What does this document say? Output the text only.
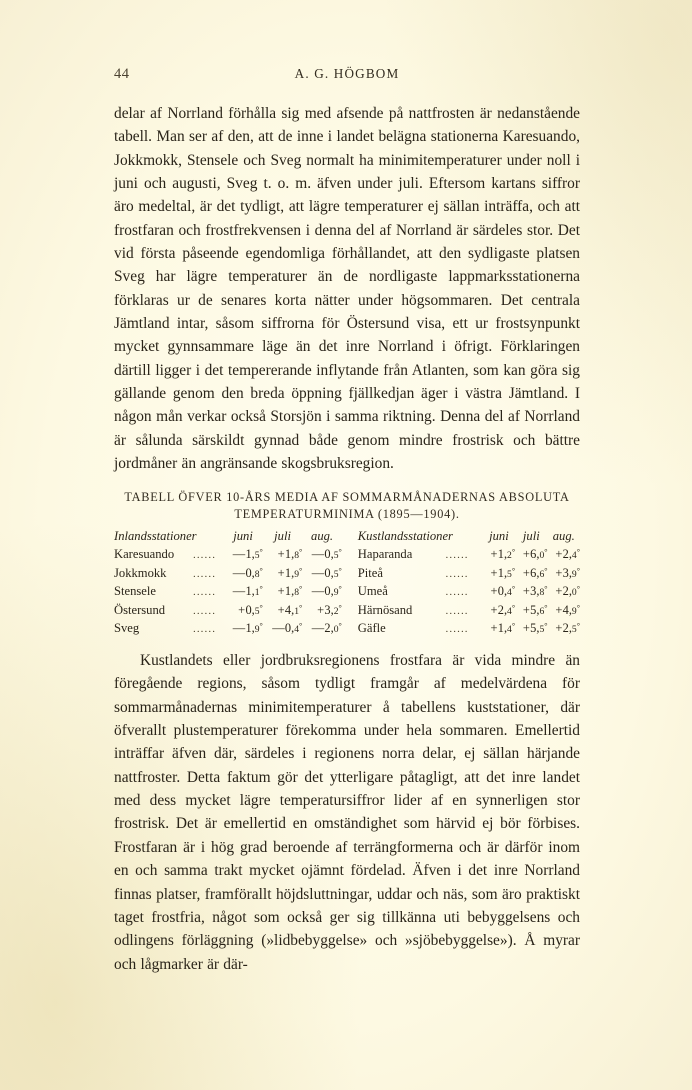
44	A. G. HÖGBOM

delar af Norrland förhålla sig med afsende på nattfrosten är nedanstående tabell. Man ser af den, att de inne i landet belägna stationerna Karesuando, Jokkmokk, Stensele och Sveg normalt ha minimitemperaturer under noll i juni och augusti, Sveg t. o. m. äfven under juli. Eftersom kartans siffror äro medeltal, är det tydligt, att lägre temperaturer ej sällan inträffa, och att frostfaran och frostfrekvensen i denna del af Norrland är särdeles stor. Det vid första påseende egendomliga förhållandet, att den sydligaste platsen Sveg har lägre temperaturer än de nordligaste lappmarksstationerna förklaras ur de senares korta nätter under högsommaren. Det centrala Jämtland intar, såsom siffrorna för Östersund visa, ett ur frostsynpunkt mycket gynnsammare läge än det inre Norrland i öfrigt. Förklaringen därtill ligger i det tempererande inflytande från Atlanten, som kan göra sig gällande genom den breda öppning fjällkedjan äger i västra Jämtland. I någon mån verkar också Storsjön i samma riktning. Denna del af Norrland är sålunda särskildt gynnad både genom mindre frostrisk och bättre jordmåner än angränsande skogsbruksregion.

TABELL ÖFVER 10-ÅRS MEDIA AF SOMMARMÅNADERNAS ABSOLUTA
TEMPERATURMINIMA (1895—1904).
Inlandsstationer		juni	juli	aug.		Kustlandsstationer		juni	juli	aug.
Karesuando	......	—1,5°	+1,8°	—0,5°		Haparanda	......	+1,2°	+6,0°	+2,4°
Jokkmokk	......	—0,8°	+1,9°	—0,5°		Piteå	......	+1,5°	+6,6°	+3,9°
Stensele	......	—1,1°	+1,8°	—0,9°		Umeå	......	+0,4°	+3,8°	+2,0°
Östersund	......	+0,5°	+4,1°	+3,2°		Härnösand	......	+2,4°	+5,6°	+4,9°
Sveg	......	—1,9°	—0,4°	—2,0°		Gäfle	......	+1,4°	+5,5°	+2,5°

Kustlandets eller jordbruksregionens frostfara är vida mindre än föregående regions, såsom tydligt framgår af medelvärdena för sommarmånadernas minimitemperaturer å tabellens kuststationer, där öfverallt plustemperaturer förekomma under hela sommaren. Emellertid inträffar äfven där, särdeles i regionens norra delar, ej sällan härjande nattfroster. Detta faktum gör det ytterligare påtagligt, att det inre landet med dess mycket lägre temperatursiffror lider af en synnerligen stor frostrisk. Det är emellertid en omständighet som härvid ej bör förbises. Frostfaran är i hög grad beroende af terrängformerna och är därför inom en och samma trakt mycket ojämnt fördelad. Äfven i det inre Norrland finnas platser, framförallt höjdsluttningar, uddar och näs, som äro praktiskt taget frostfria, något som också ger sig tillkänna uti bebyggelsens och odlingens förläggning (»lidbebyggelse» och »sjöbebyggelse»). Å myrar och lågmarker är där-
